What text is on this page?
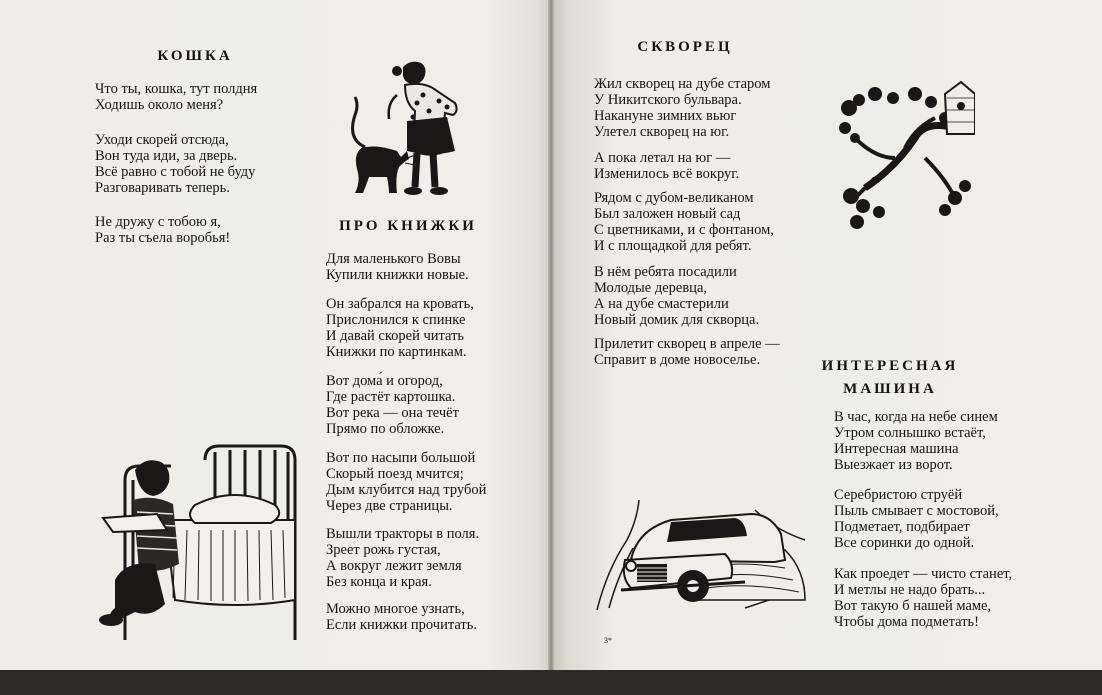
КОШКА

Что ты, кошка, тут полдня
Ходишь около меня?

Уходи скорей отсюда,
Вон туда иди, за дверь.
Всё равно с тобой не буду
Разговаривать теперь.

Не дружу с тобою я,
Раз ты съела воробья!

ПРО КНИЖКИ

Для маленького Вовы
Купили книжки новые.

Он забрался на кровать,
Прислонился к спинке
И давай скорей читать
Книжки по картинкам.

Вот дома́ и огород,
Где растёт картошка.
Вот река — она течёт
Прямо по обложке.

Вот по насыпи большой
Скорый поезд мчится;
Дым клубится над трубой
Через две страницы.

Вышли тракторы в поля.
Зреет рожь густая,
А вокруг лежит земля
Без конца и края.

Можно многое узнать,
Если книжки прочитать.

СКВОРЕЦ

Жил скворец на дубе старом
У Никитского бульвара.
Накануне зимних вьюг
Улетел скворец на юг.

А пока летал на юг —
Изменилось всё вокруг.

Рядом с дубом-великаном
Был заложен новый сад
С цветниками, и с фонтаном,
И с площадкой для ребят.

В нём ребята посадили
Молодые деревца,
А на дубе смастерили
Новый домик для скворца.

Прилетит скворец в апреле —
Справит в доме новоселье.	ИНТЕРЕСНАЯ
МАШИНА

В час, когда на небе синем
Утром солнышко встаёт,
Интересная машина
Выезжает из ворот.

Серебристою струёй
Пыль смывает с мостовой,
Подметает, подбирает
Все соринки до одной.

Как проедет — чисто станет,
И метлы не надо брать...
Вот такую б нашей маме,
Чтобы дома подметать!

3*
